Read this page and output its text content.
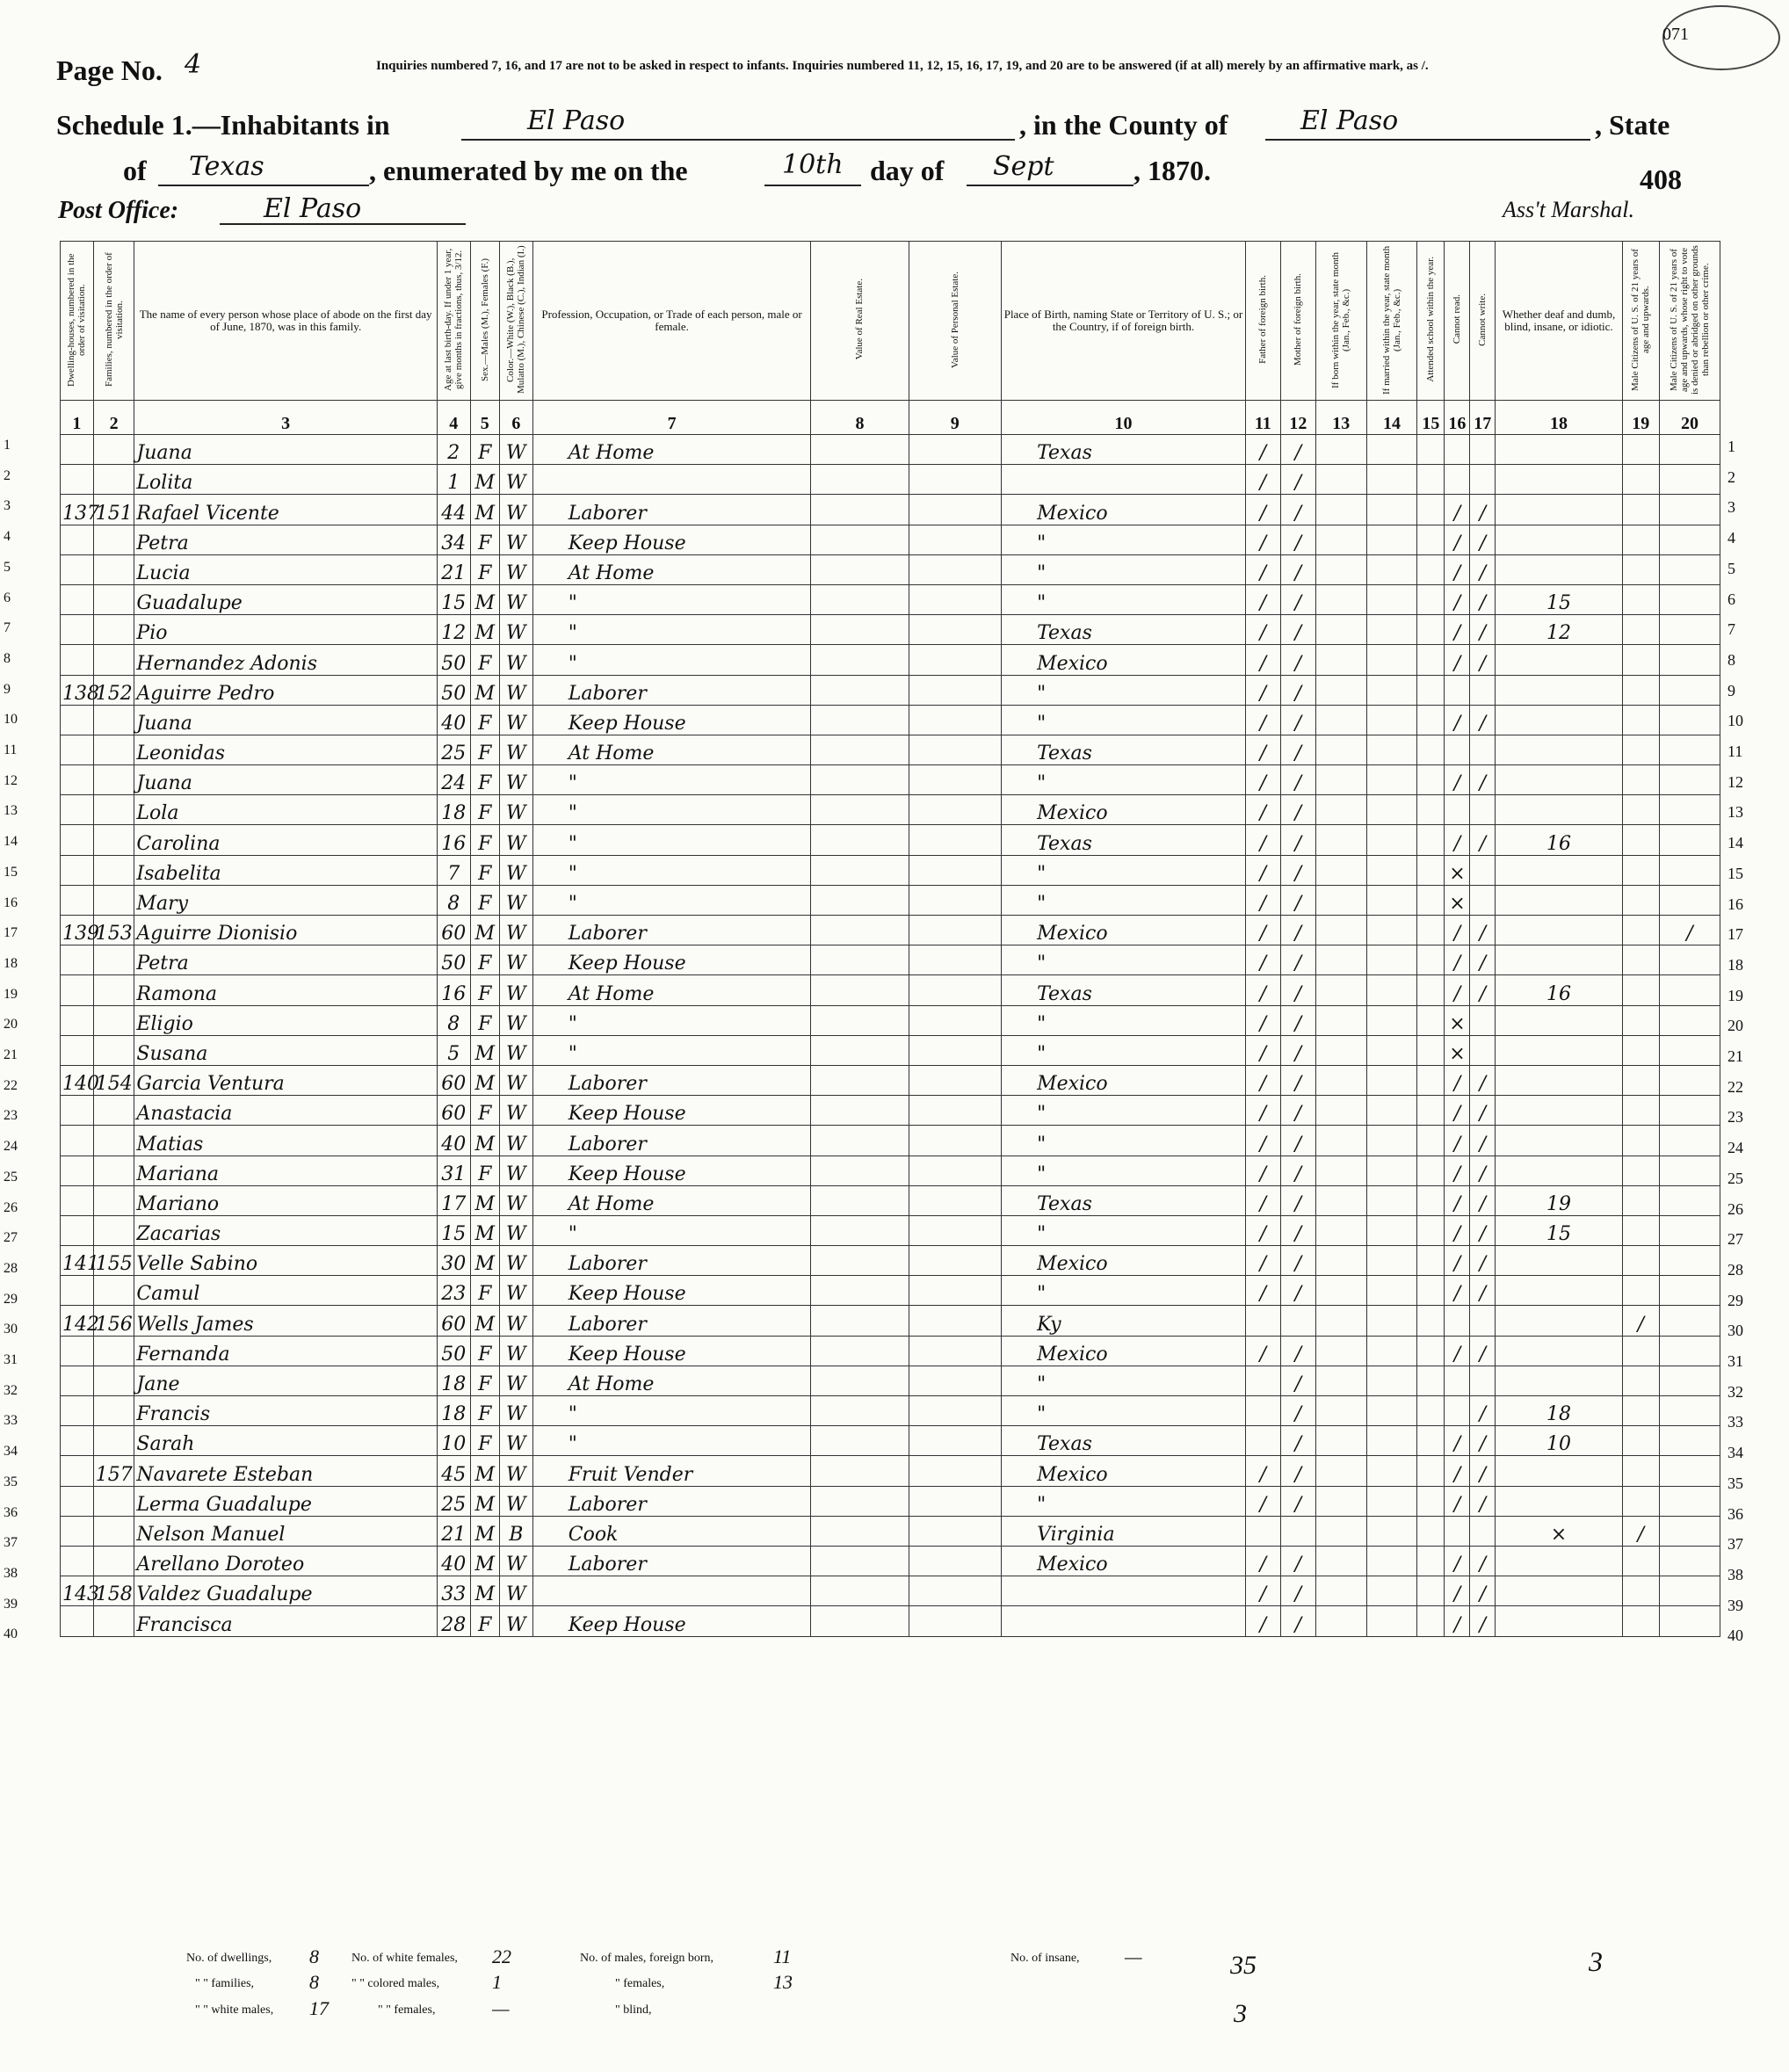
071
Page No. 4	Inquiries numbered 7, 16, and 17 are not to be asked in respect to infants. Inquiries numbered 11, 12, 15, 16, 17, 19, and 20 are to be answered (if at all) merely by an affirmative mark, as /.
Schedule 1.—Inhabitants in	El Paso	, in the County of	El Paso	, State
of Texas	, enumerated by me on the	10th day of Sept	, 1870.	408
Post Office:	El Paso	Ass't Marshal.
Dwelling-houses, numbered in the order of visitation.	Families, numbered in the order of visitation.	The name of every person whose place of abode on the first day of June, 1870, was in this family.	Age at last birth-day. If under 1 year, give months in fractions, thus, 3/12.	Sex.—Males (M.), Females (F.)	Color.—White (W.), Black (B.), Mulatto (M.), Chinese (C.), Indian (I.)	Profession, Occupation, or Trade of each person, male or female.	Value of Real Estate.	Value of Personal Estate.	Place of Birth, naming State or Territory of U. S.; or the Country, if of foreign birth.	Father of foreign birth.	Mother of foreign birth.	If born within the year, state month (Jan., Feb., &c.)	If married within the year, state month (Jan., Feb., &c.)	Attended school within the year.	Cannot read.	Cannot write.	Whether deaf and dumb, blind, insane, or idiotic.	Male Citizens of U. S. of 21 years of age and upwards.	Male Citizens of U. S. of 21 years of age and upwards, whose right to vote is denied or abridged on other grounds than rebellion or other crime.
1	2	3	4	5	6	7	8	9	10	11	12	13	14	15	16	17	18	19	20
		Juana	2	F	W	At Home			Texas	/	/								
		Lolita	1	M	W					/	/								
137	151	Rafael Vicente	44	M	W	Laborer			Mexico	/	/				/	/			
		Petra	34	F	W	Keep House			"	/	/				/	/			
		Lucia	21	F	W	At Home			"	/	/				/	/			
		Guadalupe	15	M	W	"			"	/	/				/	/	15		
		Pio	12	M	W	"			Texas	/	/				/	/	12		
		Hernandez Adonis	50	F	W	"			Mexico	/	/				/	/			
138	152	Aguirre Pedro	50	M	W	Laborer			"	/	/								
		Juana	40	F	W	Keep House			"	/	/				/	/			
		Leonidas	25	F	W	At Home			Texas	/	/								
		Juana	24	F	W	"			"	/	/				/	/			
		Lola	18	F	W	"			Mexico	/	/								
		Carolina	16	F	W	"			Texas	/	/				/	/	16		
		Isabelita	7	F	W	"			"	/	/				×				
		Mary	8	F	W	"			"	/	/				×				
139	153	Aguirre Dionisio	60	M	W	Laborer			Mexico	/	/				/	/			/
		Petra	50	F	W	Keep House			"	/	/				/	/			
		Ramona	16	F	W	At Home			Texas	/	/				/	/	16		
		Eligio	8	F	W	"			"	/	/				×				
		Susana	5	M	W	"			"	/	/				×				
140	154	Garcia Ventura	60	M	W	Laborer			Mexico	/	/				/	/			
		Anastacia	60	F	W	Keep House			"	/	/				/	/			
		Matias	40	M	W	Laborer			"	/	/				/	/			
		Mariana	31	F	W	Keep House			"	/	/				/	/			
		Mariano	17	M	W	At Home			Texas	/	/				/	/	19		
		Zacarias	15	M	W	"			"	/	/				/	/	15		
141	155	Velle Sabino	30	M	W	Laborer			Mexico	/	/				/	/			
		Camul	23	F	W	Keep House			"	/	/				/	/			
142	156	Wells James	60	M	W	Laborer			Ky									/	
		Fernanda	50	F	W	Keep House			Mexico	/	/				/	/			
		Jane	18	F	W	At Home			"		/								
		Francis	18	F	W	"			"		/					/	18		
		Sarah	10	F	W	"			Texas		/				/	/	10		
	157	Navarete Esteban	45	M	W	Fruit Vender			Mexico	/	/				/	/			
		Lerma Guadalupe	25	M	W	Laborer			"	/	/				/	/			
		Nelson Manuel	21	M	B	Cook			Virginia								×	/	
		Arellano Doroteo	40	M	W	Laborer			Mexico	/	/				/	/			
143	158	Valdez Guadalupe	33	M	W					/	/				/	/			
		Francisca	28	F	W	Keep House				/	/				/	/			
1
2
3
4
5
6
7
8
9
10
11
12
13
14
15
16
17
18
19
20
21
22
23
24
25
26
27
28
29
30
31
32
33
34
35
36
37
38
39
40
1
2
3
4
5
6
7
8
9
10
11
12
13
14
15
16
17
18
19
20
21
22
23
24
25
26
27
28
29
30
31
32
33
34
35
36
37
38
39
40
No. of dwellings, 8	No. of white females, 22	No. of males, foreign born,	11
" " families,	8	" " colored males,	1	" females,	13
" " white males, 17	" " females,	—	" blind,
No. of insane, —	35
3
3
